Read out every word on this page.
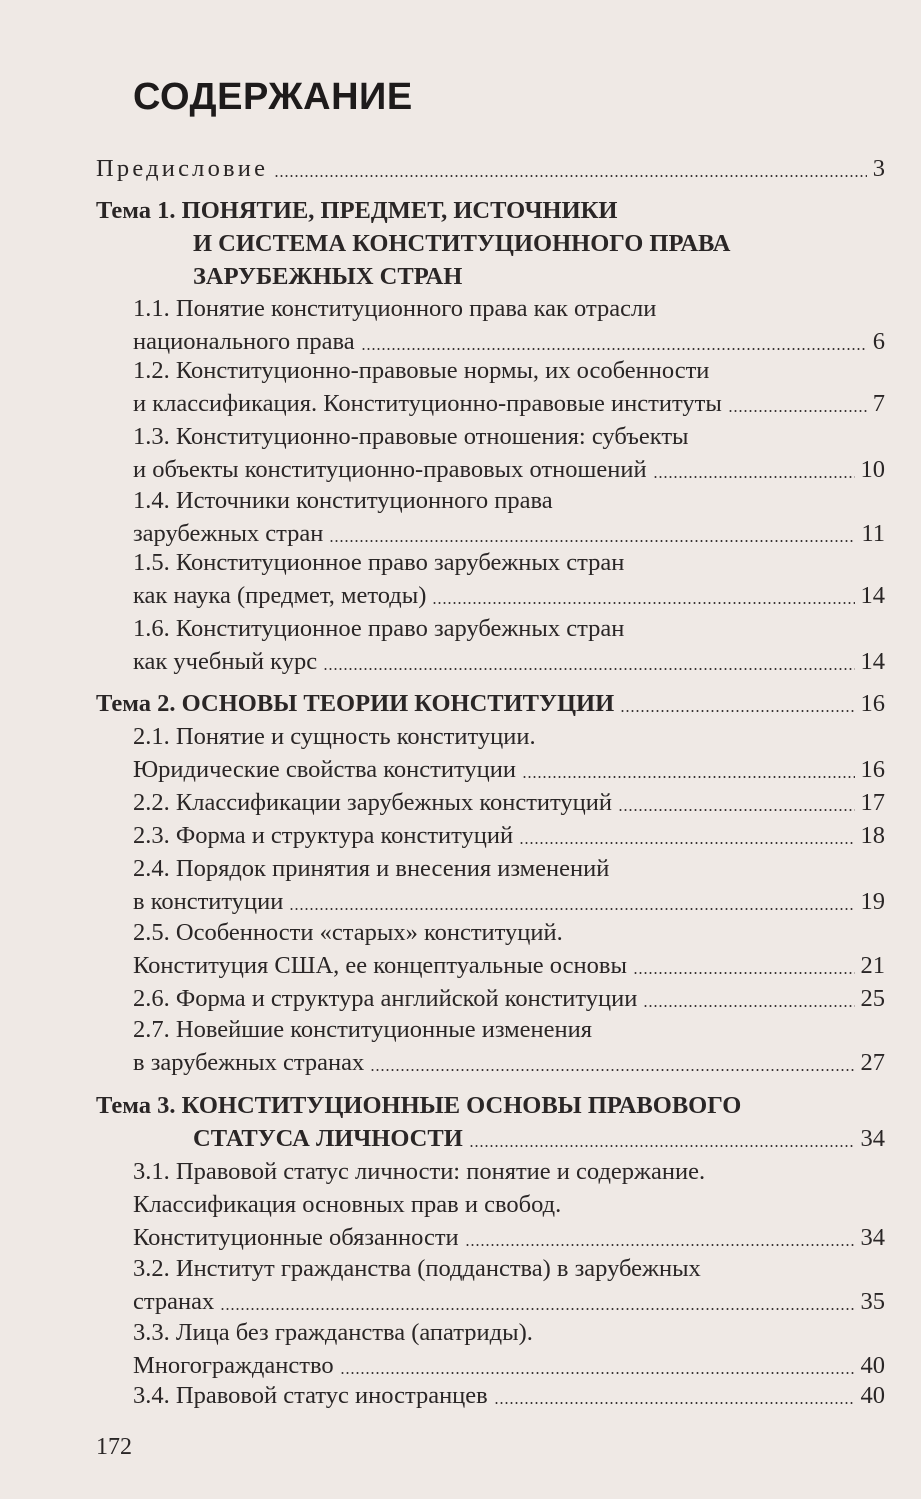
СОДЕРЖАНИЕ
Предисловие	3
Тема 1. ПОНЯТИЕ, ПРЕДМЕТ, ИСТОЧНИКИ
И СИСТЕМА КОНСТИТУЦИОННОГО ПРАВА
ЗАРУБЕЖНЫХ СТРАН
1.1. Понятие конституционного права как отрасли
национального права	6
1.2. Конституционно-правовые нормы, их особенности
и классификация. Конституционно-правовые институты	7
1.3. Конституционно-правовые отношения: субъекты
и объекты конституционно-правовых отношений	10
1.4. Источники конституционного права
зарубежных стран	11
1.5. Конституционное право зарубежных стран
как наука (предмет, методы)	14
1.6. Конституционное право зарубежных стран
как учебный курс	14
Тема 2. ОСНОВЫ ТЕОРИИ КОНСТИТУЦИИ	16
2.1. Понятие и сущность конституции.
Юридические свойства конституции	16
2.2. Классификации зарубежных конституций	17
2.3. Форма и структура конституций	18
2.4. Порядок принятия и внесения изменений
в конституции	19
2.5. Особенности «старых» конституций.
Конституция США, ее концептуальные основы	21
2.6. Форма и структура английской конституции	25
2.7. Новейшие конституционные изменения
в зарубежных странах	27
Тема 3. КОНСТИТУЦИОННЫЕ ОСНОВЫ ПРАВОВОГО
СТАТУСА ЛИЧНОСТИ	34
3.1. Правовой статус личности: понятие и содержание.
Классификация основных прав и свобод.
Конституционные обязанности	34
3.2. Институт гражданства (подданства) в зарубежных
странах	35
3.3. Лица без гражданства (апатриды).
Многогражданство	40
3.4. Правовой статус иностранцев	40
172
